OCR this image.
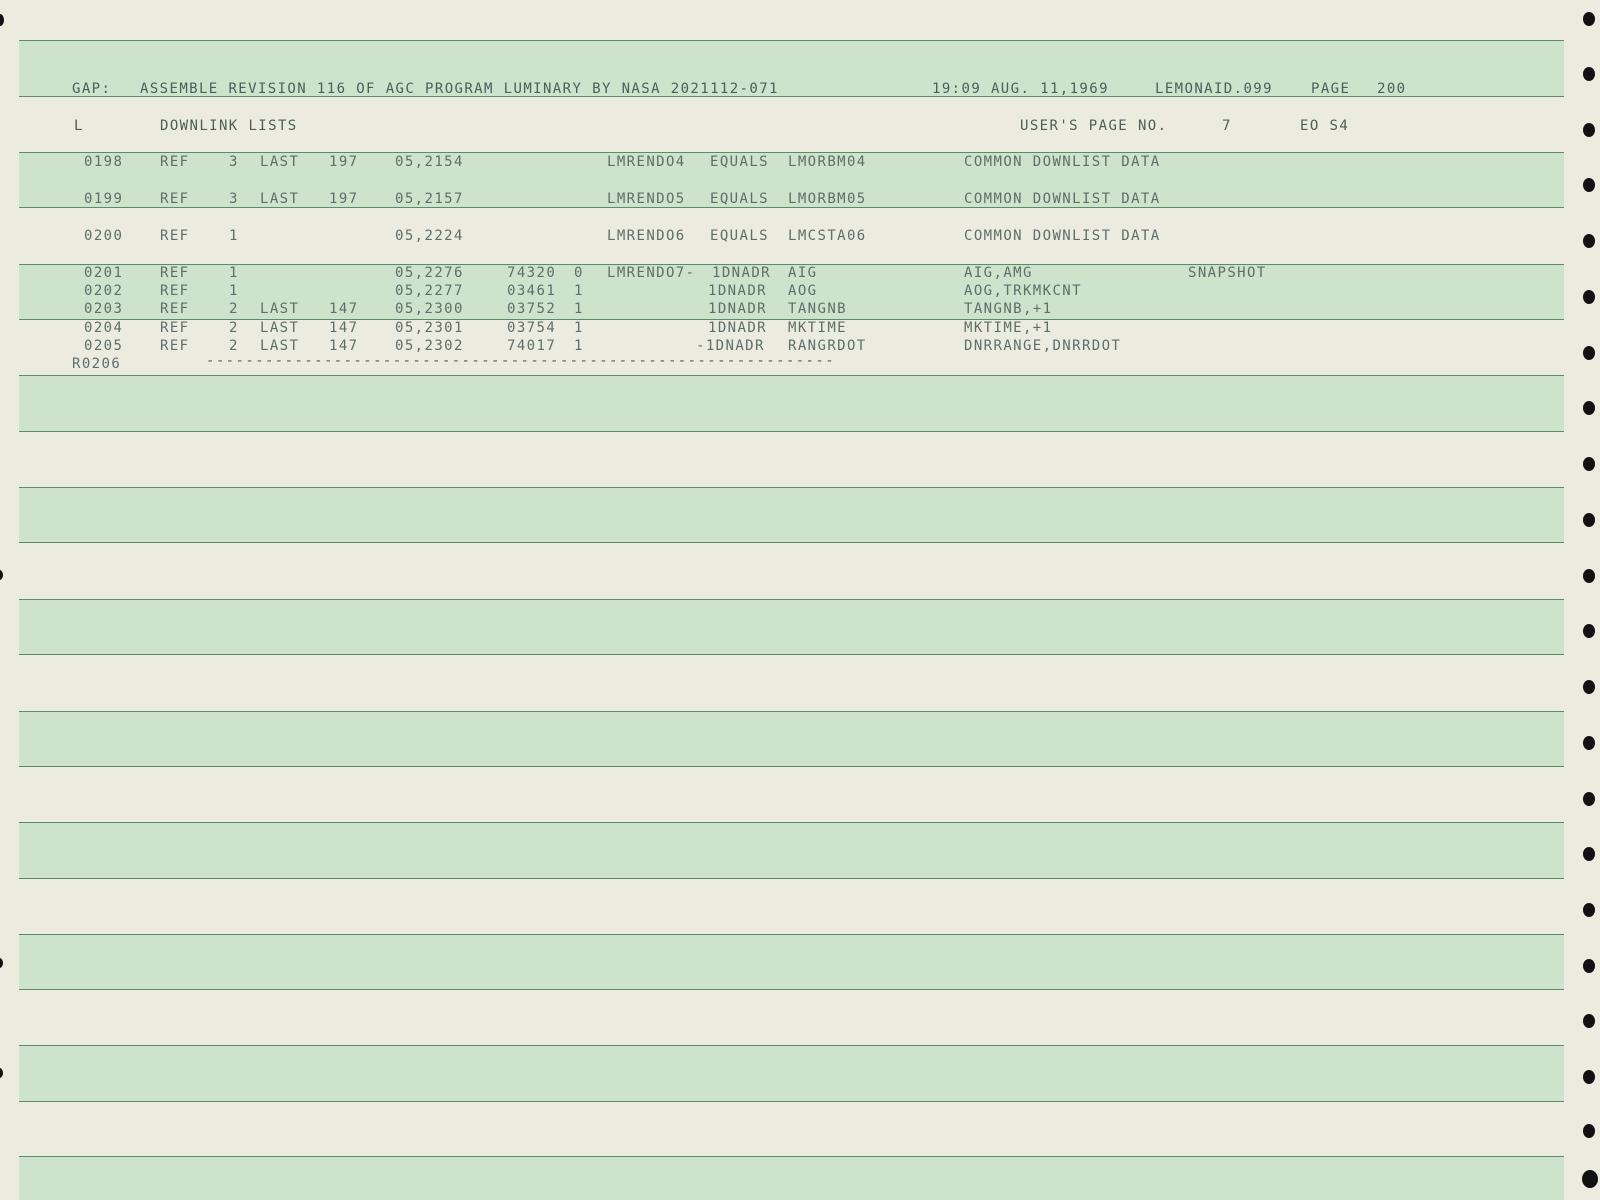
GAP: ASSEMBLE REVISION 116 OF AGC PROGRAM LUMINARY BY NASA 2021112-071	19:09 AUG. 11,1969	LEMONAID.099	PAGE 200
L	DOWNLINK LISTS	USER'S PAGE NO.	7	EO S4
0198	REF	3 LAST 197	05,2154	LMRENDO4 EQUALS LMORBM04	COMMON DOWNLIST DATA
0199	REF	3 LAST 197	05,2157	LMRENDO5 EQUALS LMORBM05	COMMON DOWNLIST DATA
0200	REF	1	05,2224	LMRENDO6 EQUALS LMCSTA06	COMMON DOWNLIST DATA
0201	REF	1	05,2276	74320 0 LMRENDO7- 1DNADR AIG	AIG,AMG	SNAPSHOT
0202	REF	1	05,2277	03461 1	1DNADR AOG	AOG,TRKMKCNT
0203	REF	2 LAST 147	05,2300	03752 1	1DNADR TANGNB	TANGNB,+1
0204	REF	2 LAST 147	05,2301	03754 1	1DNADR MKTIME	MKTIME,+1
0205	REF	2 LAST 147	05,2302	74017 1	-1DNADR RANGRDOT	DNRRANGE,DNRRDOT
R0206	----------------------------------------------------------------
